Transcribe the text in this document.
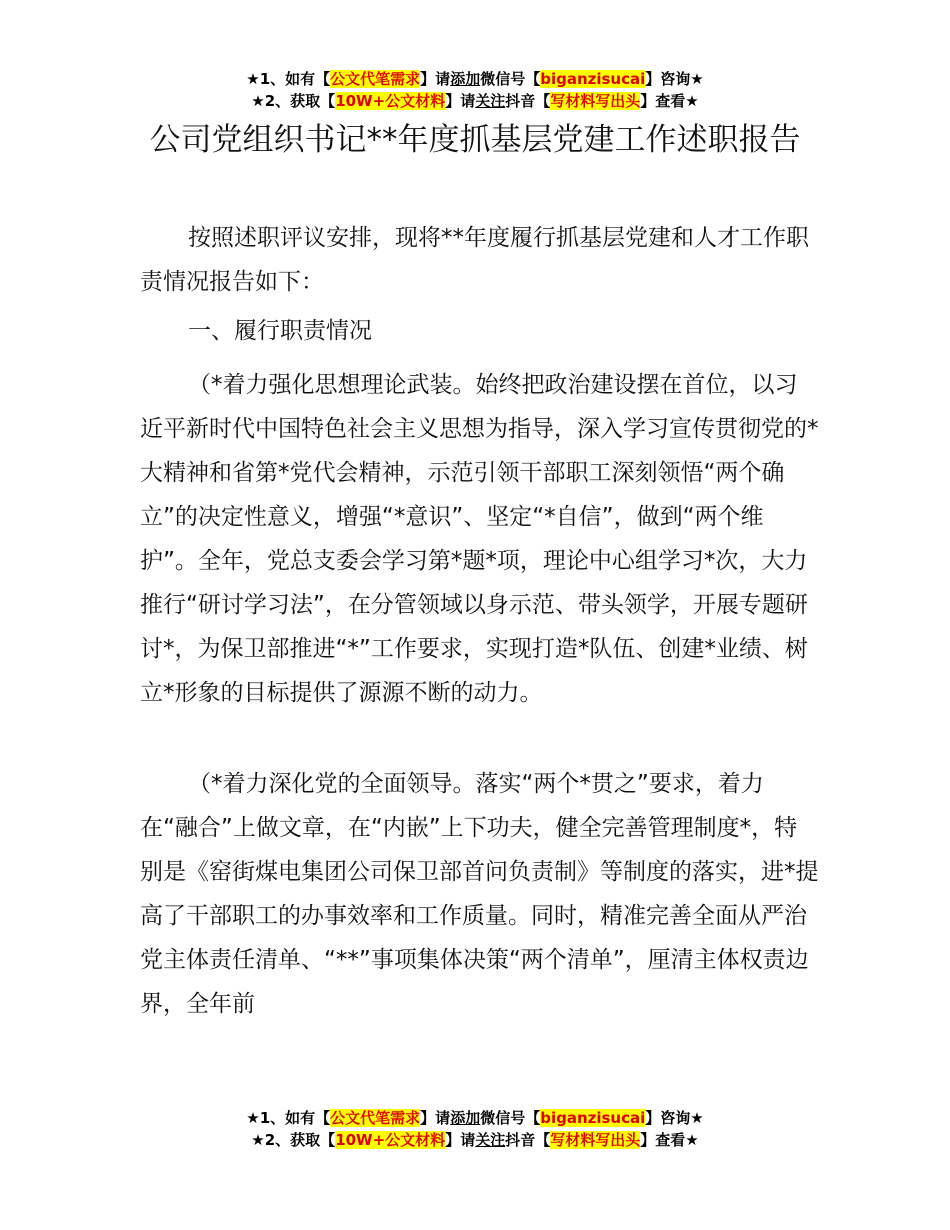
★1、如有【公文代笔需求】请添加微信号【biganzisucai】咨询★
★2、获取【10W+公文材料】请关注抖音【写材料写出头】查看★
公司党组织书记**年度抓基层党建工作述职报告
按照述职评议安排，现将**年度履行抓基层党建和人才工作职责情况报告如下：
一、履行职责情况
（*着力强化思想理论武装。始终把政治建设摆在首位，以习近平新时代中国特色社会主义思想为指导，深入学习宣传贯彻党的*大精神和省第*党代会精神，示范引领干部职工深刻领悟“两个确立”的决定性意义，增强“*意识”、坚定“*自信”，做到“两个维护”。全年，党总支委会学习第*题*项，理论中心组学习*次，大力推行“研讨学习法”，在分管领域以身示范、带头领学，开展专题研讨*，为保卫部推进“*”工作要求，实现打造*队伍、创建*业绩、树立*形象的目标提供了源源不断的动力。
（*着力深化党的全面领导。落实“两个*贯之”要求，着力在“融合”上做文章，在“内嵌”上下功夫，健全完善管理制度*，特别是《窑街煤电集团公司保卫部首问负责制》等制度的落实，进*提高了干部职工的办事效率和工作质量。同时，精准完善全面从严治党主体责任清单、“**”事项集体决策“两个清单”，厘清主体权责边界，全年前
★1、如有【公文代笔需求】请添加微信号【biganzisucai】咨询★
★2、获取【10W+公文材料】请关注抖音【写材料写出头】查看★
